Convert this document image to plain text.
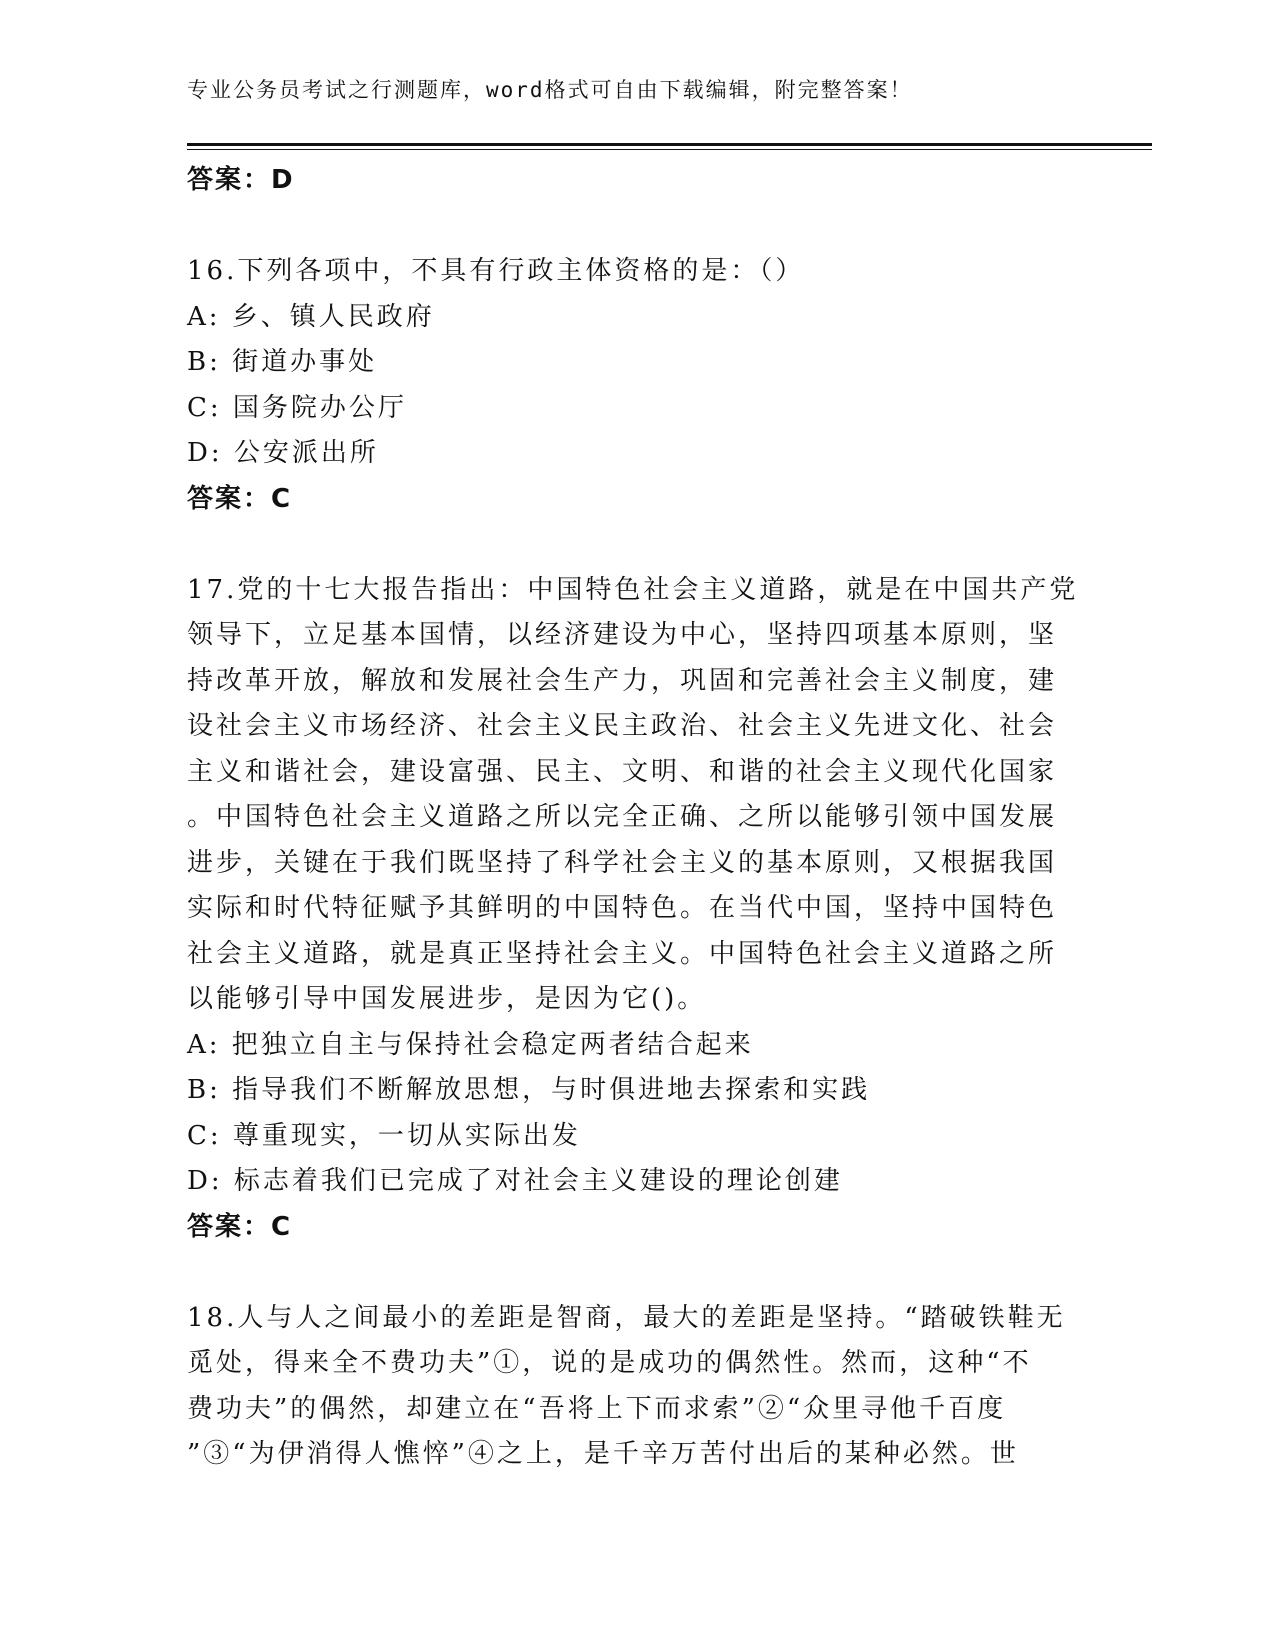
专业公务员考试之行测题库，word格式可自由下载编辑，附完整答案！
答案：D
16.下列各项中，不具有行政主体资格的是：（）
A: 乡、镇人民政府
B: 街道办事处
C: 国务院办公厅
D: 公安派出所
答案：C
17.党的十七大报告指出：中国特色社会主义道路，就是在中国共产党
领导下，立足基本国情，以经济建设为中心，坚持四项基本原则，坚
持改革开放，解放和发展社会生产力，巩固和完善社会主义制度，建
设社会主义市场经济、社会主义民主政治、社会主义先进文化、社会
主义和谐社会，建设富强、民主、文明、和谐的社会主义现代化国家
。中国特色社会主义道路之所以完全正确、之所以能够引领中国发展
进步，关键在于我们既坚持了科学社会主义的基本原则，又根据我国
实际和时代特征赋予其鲜明的中国特色。在当代中国，坚持中国特色
社会主义道路，就是真正坚持社会主义。中国特色社会主义道路之所
以能够引导中国发展进步，是因为它()。
A: 把独立自主与保持社会稳定两者结合起来
B: 指导我们不断解放思想，与时俱进地去探索和实践
C: 尊重现实，一切从实际出发
D: 标志着我们已完成了对社会主义建设的理论创建
答案：C
18.人与人之间最小的差距是智商，最大的差距是坚持。“踏破铁鞋无
觅处，得来全不费功夫”①，说的是成功的偶然性。然而，这种“不
费功夫”的偶然，却建立在“吾将上下而求索”②“众里寻他千百度
”③“为伊消得人憔悴”④之上，是千辛万苦付出后的某种必然。世
